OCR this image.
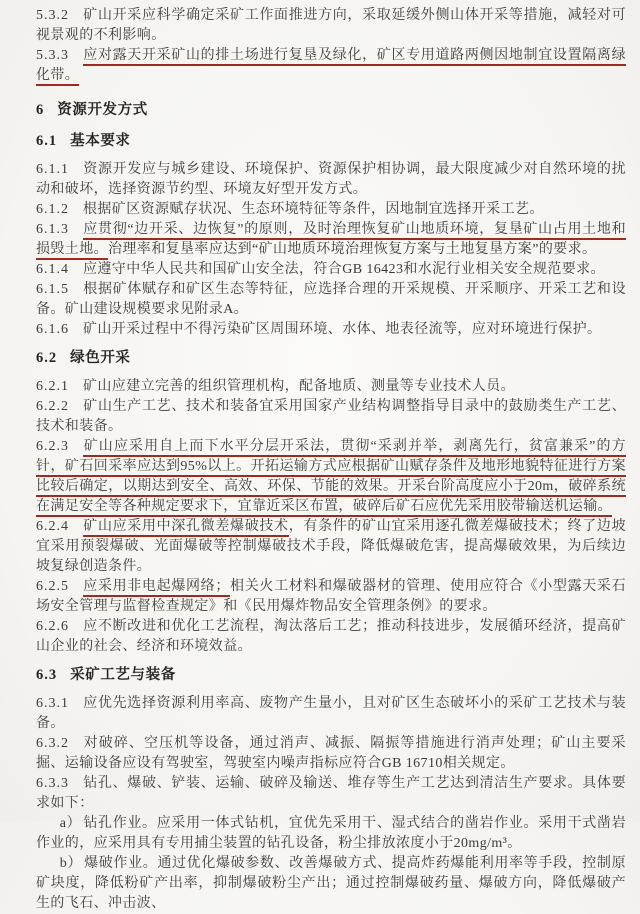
5.3.2 矿山开采应科学确定采矿工作面推进方向，采取延缓外侧山体开采等措施，减轻对可视景观的不利影响。

5.3.3 应对露天开采矿山的排土场进行复垦及绿化，矿区专用道路两侧因地制宜设置隔离绿化带。

6 资源开发方式

6.1 基本要求

6.1.1 资源开发应与城乡建设、环境保护、资源保护相协调，最大限度减少对自然环境的扰动和破坏，选择资源节约型、环境友好型开发方式。

6.1.2 根据矿区资源赋存状况、生态环境特征等条件，因地制宜选择开采工艺。

6.1.3 应贯彻“边开采、边恢复”的原则，及时治理恢复矿山地质环境，复垦矿山占用土地和损毁土地。治理率和复垦率应达到“矿山地质环境治理恢复方案与土地复垦方案”的要求。

6.1.4 应遵守中华人民共和国矿山安全法，符合GB 16423和水泥行业相关安全规范要求。

6.1.5 根据矿体赋存和矿区生态等特征，应选择合理的开采规模、开采顺序、开采工艺和设备。矿山建设规模要求见附录A。

6.1.6 矿山开采过程中不得污染矿区周围环境、水体、地表径流等，应对环境进行保护。

6.2 绿色开采

6.2.1 矿山应建立完善的组织管理机构，配备地质、测量等专业技术人员。

6.2.2 矿山生产工艺、技术和装备宜采用国家产业结构调整指导目录中的鼓励类生产工艺、技术和装备。

6.2.3 矿山应采用自上而下水平分层开采法，贯彻“采剥并举，剥离先行，贫富兼采”的方针，矿石回采率应达到95%以上。开拓运输方式应根据矿山赋存条件及地形地貌特征进行方案比较后确定，以期达到安全、高效、环保、节能的效果。开采台阶高度应小于20m，破碎系统在满足安全等各种规定要求下，宜靠近采区布置，破碎后矿石应优先采用胶带输送机运输。

6.2.4 矿山应采用中深孔微差爆破技术，有条件的矿山宜采用逐孔微差爆破技术；终了边坡宜采用预裂爆破、光面爆破等控制爆破技术手段，降低爆破危害，提高爆破效果，为后续边坡复绿创造条件。

6.2.5 应采用非电起爆网络；相关火工材料和爆破器材的管理、使用应符合《小型露天采石场安全管理与监督检查规定》和《民用爆炸物品安全管理条例》的要求。

6.2.6 应不断改进和优化工艺流程，淘汰落后工艺；推动科技进步，发展循环经济，提高矿山企业的社会、经济和环境效益。

6.3 采矿工艺与装备

6.3.1 应优先选择资源利用率高、废物产生量小，且对矿区生态破坏小的采矿工艺技术与装备。

6.3.2 对破碎、空压机等设备，通过消声、减振、隔振等措施进行消声处理；矿山主要采掘、运输设备应设有驾驶室，驾驶室内噪声指标应符合GB 16710相关规定。

6.3.3 钻孔、爆破、铲装、运输、破碎及输送、堆存等生产工艺达到清洁生产要求。具体要求如下：

a） 钻孔作业。应采用一体式钻机，宜优先采用干、湿式结合的凿岩作业。采用干式凿岩作业的，应采用具有专用捕尘装置的钻孔设备，粉尘排放浓度小于20mg/m³。

b） 爆破作业。通过优化爆破参数、改善爆破方式、提高炸药爆能利用率等手段，控制原矿块度，降低粉矿产出率，抑制爆破粉尘产出；通过控制爆破药量、爆破方向，降低爆破产生的飞石、冲击波、
